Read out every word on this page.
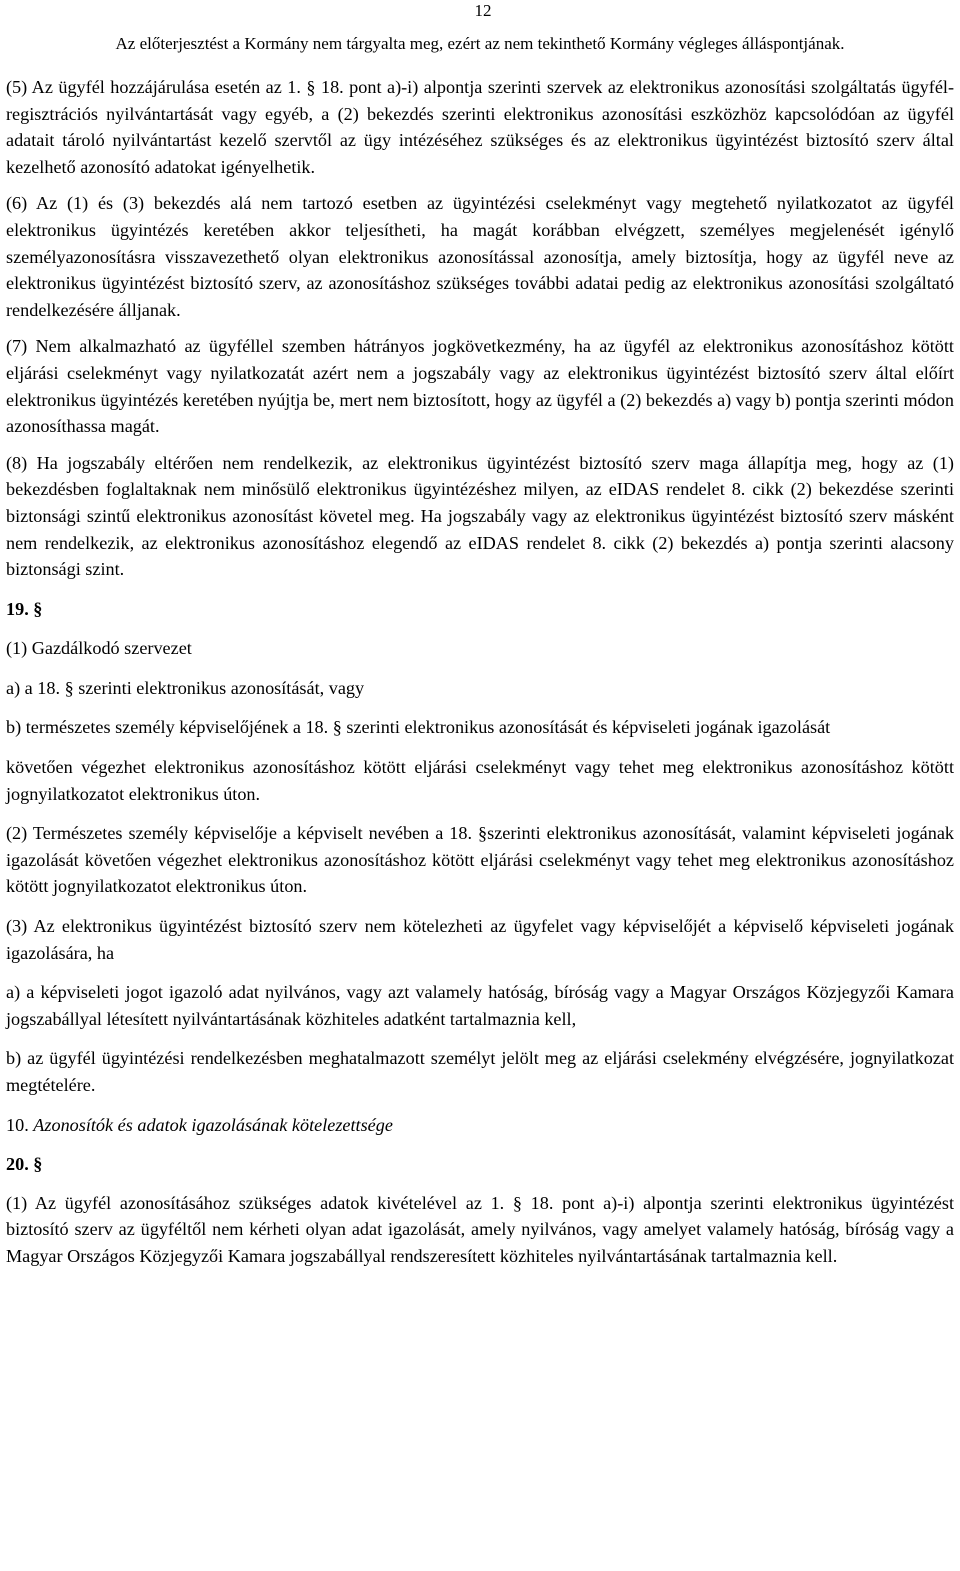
12
Az előterjesztést a Kormány nem tárgyalta meg, ezért az nem tekinthető Kormány végleges álláspontjának.

(5) Az ügyfél hozzájárulása esetén az 1. § 18. pont a)-i) alpontja szerinti szervek az elektronikus azonosítási szolgáltatás ügyfél-regisztrációs nyilvántartását vagy egyéb, a (2) bekezdés szerinti elektronikus azonosítási eszközhöz kapcsolódóan az ügyfél adatait tároló nyilvántartást kezelő szervtől az ügy intézéséhez szükséges és az elektronikus ügyintézést biztosító szerv által kezelhető azonosító adatokat igényelhetik.

(6) Az (1) és (3) bekezdés alá nem tartozó esetben az ügyintézési cselekményt vagy megtehető nyilatkozatot az ügyfél elektronikus ügyintézés keretében akkor teljesítheti, ha magát korábban elvégzett, személyes megjelenését igénylő személyazonosításra visszavezethető olyan elektronikus azonosítással azonosítja, amely biztosítja, hogy az ügyfél neve az elektronikus ügyintézést biztosító szerv, az azonosításhoz szükséges további adatai pedig az elektronikus azonosítási szolgáltató rendelkezésére álljanak.

(7) Nem alkalmazható az ügyféllel szemben hátrányos jogkövetkezmény, ha az ügyfél az elektronikus azonosításhoz kötött eljárási cselekményt vagy nyilatkozatát azért nem a jogszabály vagy az elektronikus ügyintézést biztosító szerv által előírt elektronikus ügyintézés keretében nyújtja be, mert nem biztosított, hogy az ügyfél a (2) bekezdés a) vagy b) pontja szerinti módon azonosíthassa magát.

(8) Ha jogszabály eltérően nem rendelkezik, az elektronikus ügyintézést biztosító szerv maga állapítja meg, hogy az (1) bekezdésben foglaltaknak nem minősülő elektronikus ügyintézéshez milyen, az eIDAS rendelet 8. cikk (2) bekezdése szerinti biztonsági szintű elektronikus azonosítást követel meg. Ha jogszabály vagy az elektronikus ügyintézést biztosító szerv másként nem rendelkezik, az elektronikus azonosításhoz elegendő az eIDAS rendelet 8. cikk (2) bekezdés a) pontja szerinti alacsony biztonsági szint.

19. §

(1) Gazdálkodó szervezet

a) a 18. § szerinti elektronikus azonosítását, vagy

b) természetes személy képviselőjének a 18. § szerinti elektronikus azonosítását és képviseleti jogának igazolását

követően végezhet elektronikus azonosításhoz kötött eljárási cselekményt vagy tehet meg elektronikus azonosításhoz kötött jognyilatkozatot elektronikus úton.

(2) Természetes személy képviselője a képviselt nevében a 18. §szerinti elektronikus azonosítását, valamint képviseleti jogának igazolását követően végezhet elektronikus azonosításhoz kötött eljárási cselekményt vagy tehet meg elektronikus azonosításhoz kötött jognyilatkozatot elektronikus úton.

(3) Az elektronikus ügyintézést biztosító szerv nem kötelezheti az ügyfelet vagy képviselőjét a képviselő képviseleti jogának igazolására, ha

a) a képviseleti jogot igazoló adat nyilvános, vagy azt valamely hatóság, bíróság vagy a Magyar Országos Közjegyzői Kamara jogszabállyal létesített nyilvántartásának közhiteles adatként tartalmaznia kell,

b) az ügyfél ügyintézési rendelkezésben meghatalmazott személyt jelölt meg az eljárási cselekmény elvégzésére, jognyilatkozat megtételére.

10. Azonosítók és adatok igazolásának kötelezettsége

20. §

(1) Az ügyfél azonosításához szükséges adatok kivételével az 1. § 18. pont a)-i) alpontja szerinti elektronikus ügyintézést biztosító szerv az ügyféltől nem kérheti olyan adat igazolását, amely nyilvános, vagy amelyet valamely hatóság, bíróság vagy a Magyar Országos Közjegyzői Kamara jogszabállyal rendszeresített közhiteles nyilvántartásának tartalmaznia kell.
